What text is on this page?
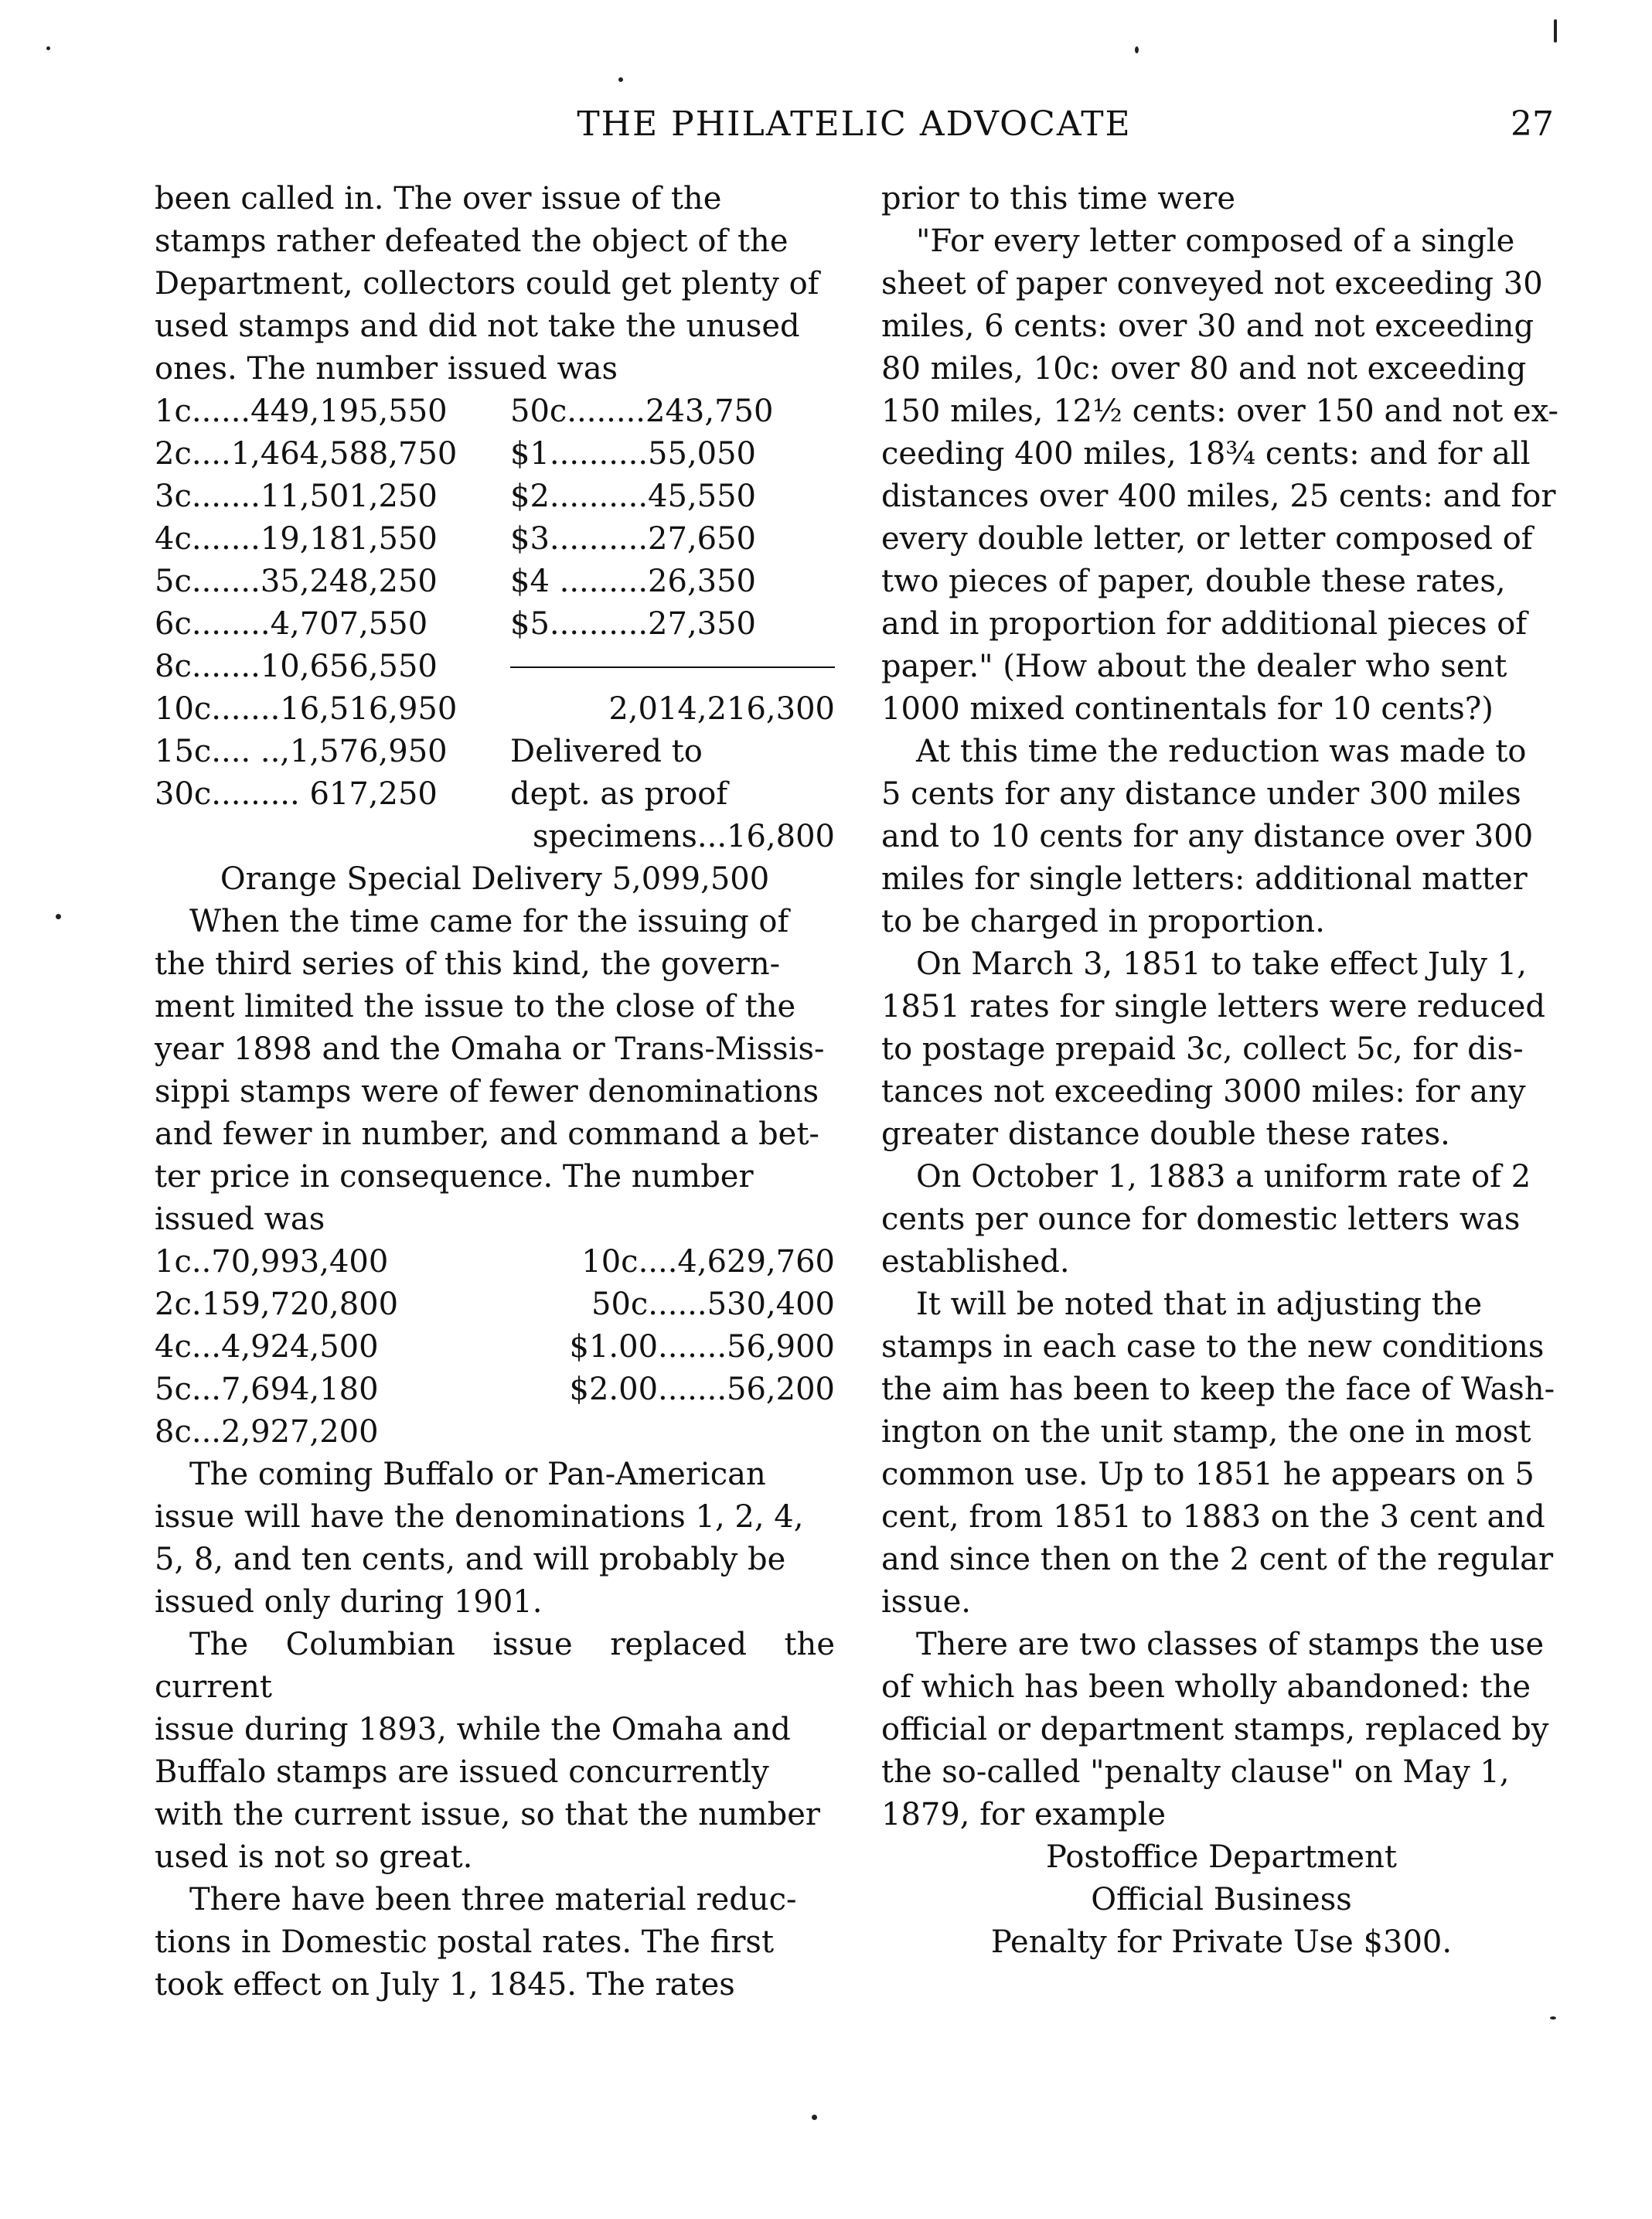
THE PHILATELIC ADVOCATE	27

been called in. The over issue of the
stamps rather defeated the object of the
Department, collectors could get plenty of
used stamps and did not take the unused
ones. The number issued was

1c......449,195,550
2c....1,464,588,750
3c.......11,501,250
4c.......19,181,550
5c.......35,248,250
6c........4,707,550
8c.......10,656,550
10c.......16,516,950
15c.... ..,1,576,950
30c......... 617,250
50c........243,750
$1..........55,050
$2..........45,550
$3..........27,650
$4 .........26,350
$5..........27,350
2,014,216,300
Delivered to
dept. as proof
specimens...16,800

Orange Special Delivery 5,099,500

When the time came for the issuing of
the third series of this kind, the govern-
ment limited the issue to the close of the
year 1898 and the Omaha or Trans-Missis-
sippi stamps were of fewer denominations
and fewer in number, and command a bet-
ter price in consequence. The number
issued was

1c..70,993,400
2c.159,720,800
4c...4,924,500
5c...7,694,180
8c...2,927,200
10c....4,629,760
50c......530,400
$1.00.......56,900
$2.00.......56,200

The coming Buffalo or Pan-American
issue will have the denominations 1, 2, 4,
5, 8, and ten cents, and will probably be
issued only during 1901.

The Columbian issue replaced the current
issue during 1893, while the Omaha and
Buffalo stamps are issued concurrently
with the current issue, so that the number
used is not so great.

There have been three material reduc-
tions in Domestic postal rates. The first
took effect on July 1, 1845. The rates

prior to this time were

"For every letter composed of a single
sheet of paper conveyed not exceeding 30
miles, 6 cents: over 30 and not exceeding
80 miles, 10c: over 80 and not exceeding
150 miles, 12½ cents: over 150 and not ex-
ceeding 400 miles, 18¾ cents: and for all
distances over 400 miles, 25 cents: and for
every double letter, or letter composed of
two pieces of paper, double these rates,
and in proportion for additional pieces of
paper." (How about the dealer who sent
1000 mixed continentals for 10 cents?)

At this time the reduction was made to
5 cents for any distance under 300 miles
and to 10 cents for any distance over 300
miles for single letters: additional matter
to be charged in proportion.

On March 3, 1851 to take effect July 1,
1851 rates for single letters were reduced
to postage prepaid 3c, collect 5c, for dis-
tances not exceeding 3000 miles: for any
greater distance double these rates.

On October 1, 1883 a uniform rate of 2
cents per ounce for domestic letters was
established.

It will be noted that in adjusting the
stamps in each case to the new conditions
the aim has been to keep the face of Wash-
ington on the unit stamp, the one in most
common use. Up to 1851 he appears on 5
cent, from 1851 to 1883 on the 3 cent and
and since then on the 2 cent of the regular
issue.

There are two classes of stamps the use
of which has been wholly abandoned: the
official or department stamps, replaced by
the so-called "penalty clause" on May 1,
1879, for example

Postoffice Department
Official Business
Penalty for Private Use $300.
